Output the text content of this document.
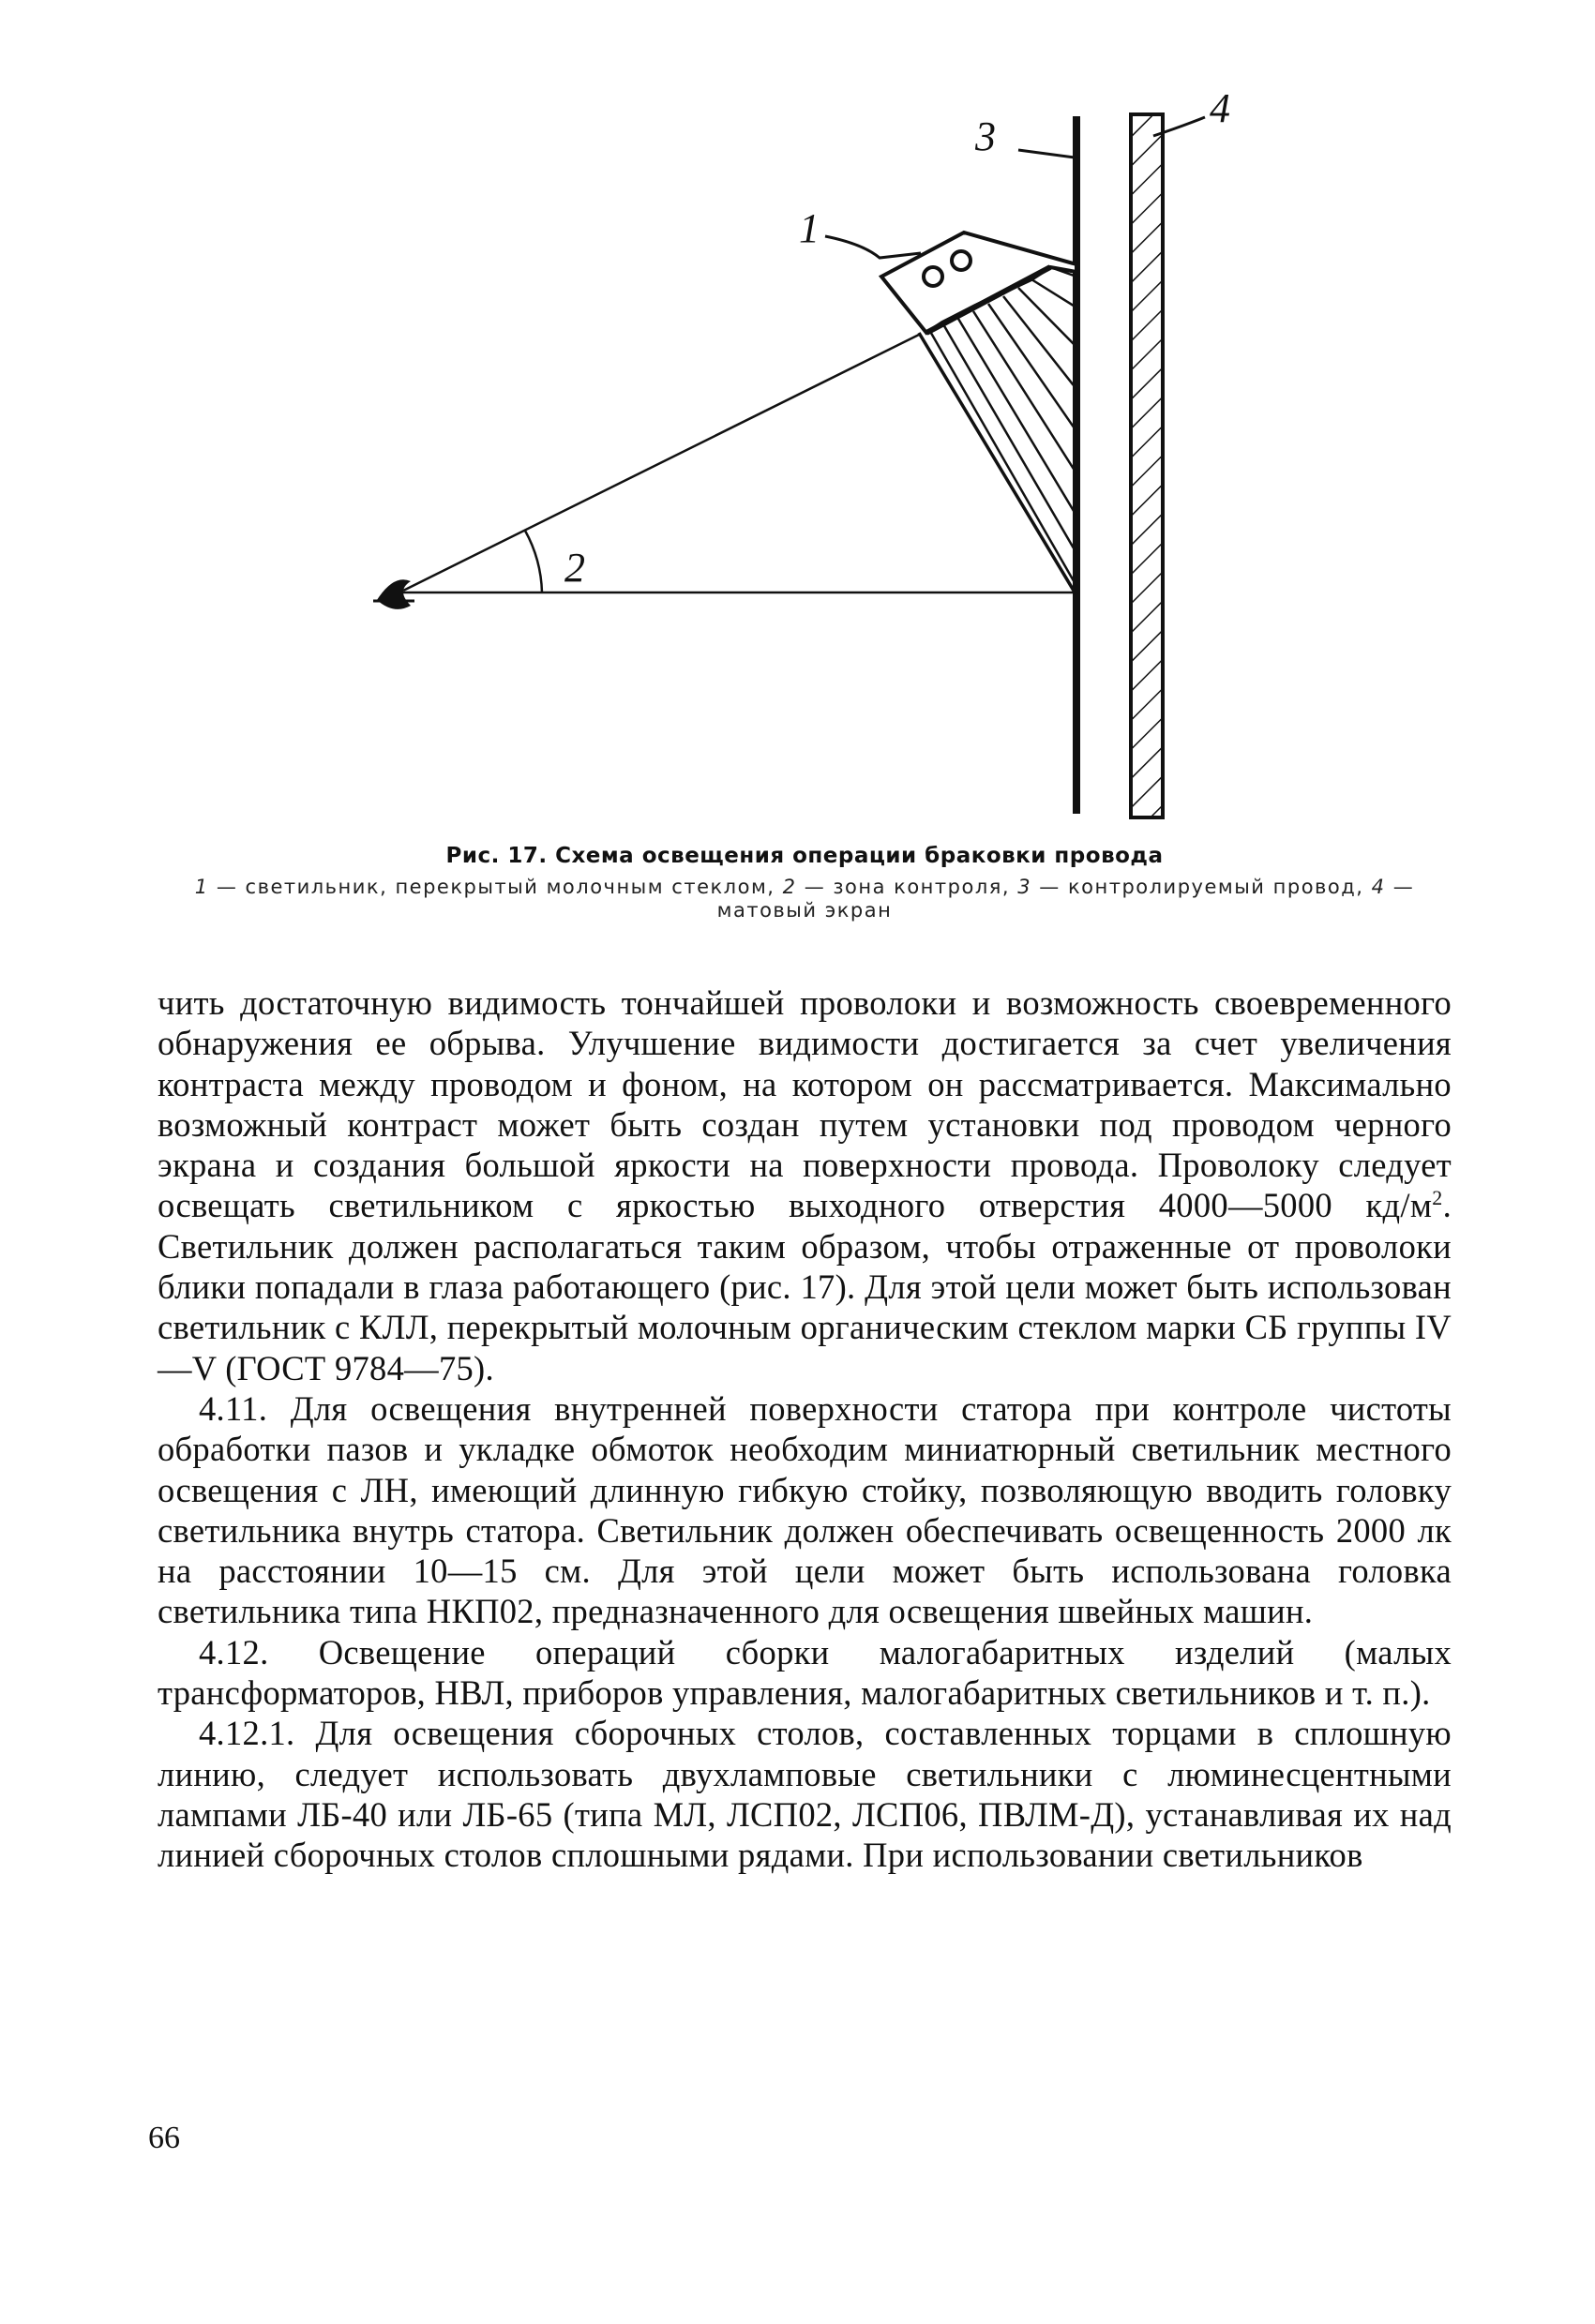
1
2
3
4
Рис. 17. Схема освещения операции браковки провода
1 — светильник, перекрытый молочным стеклом, 2 — зона контроля, 3 — контролируемый провод, 4 — матовый экран

чить достаточную видимость тончайшей проволоки и возможность своевременного обнаружения ее обрыва. Улучшение видимости достигается за счет увеличения контраста между проводом и фоном, на котором он рассматривается. Максимально возможный контраст может быть создан путем установки под проводом черного экрана и создания большой яркости на поверхности провода. Проволоку следует освещать светильником с яркостью выходного отверстия 4000—5000 $кд/м^2$. Светильник должен располагаться таким образом, чтобы отраженные от проволоки блики попадали в глаза работающего (рис. 17). Для этой цели может быть использован светильник с КЛЛ, перекрытый молочным органическим стеклом марки СБ группы IV—V (ГОСТ 9784—75).

4.11. Для освещения внутренней поверхности статора при контроле чистоты обработки пазов и укладке обмоток необходим миниатюрный светильник местного освещения с ЛН, имеющий длинную гибкую стойку, позволяющую вводить головку светильника внутрь статора. Светильник должен обеспечивать освещенность 2000 лк на расстоянии 10—15 см. Для этой цели может быть использована головка светильника типа НКП02, предназначенного для освещения швейных машин.

4.12. Освещение операций сборки малогабаритных изделий (малых трансформаторов, НВЛ, приборов управления, малогабаритных светильников и т. п.).

4.12.1. Для освещения сборочных столов, составленных торцами в сплошную линию, следует использовать двухламповые светильники с люминесцентными лампами ЛБ-40 или ЛБ-65 (типа МЛ, ЛСП02, ЛСП06, ПВЛМ-Д), устанавливая их над линией сборочных столов сплошными рядами. При использовании светильников

66
